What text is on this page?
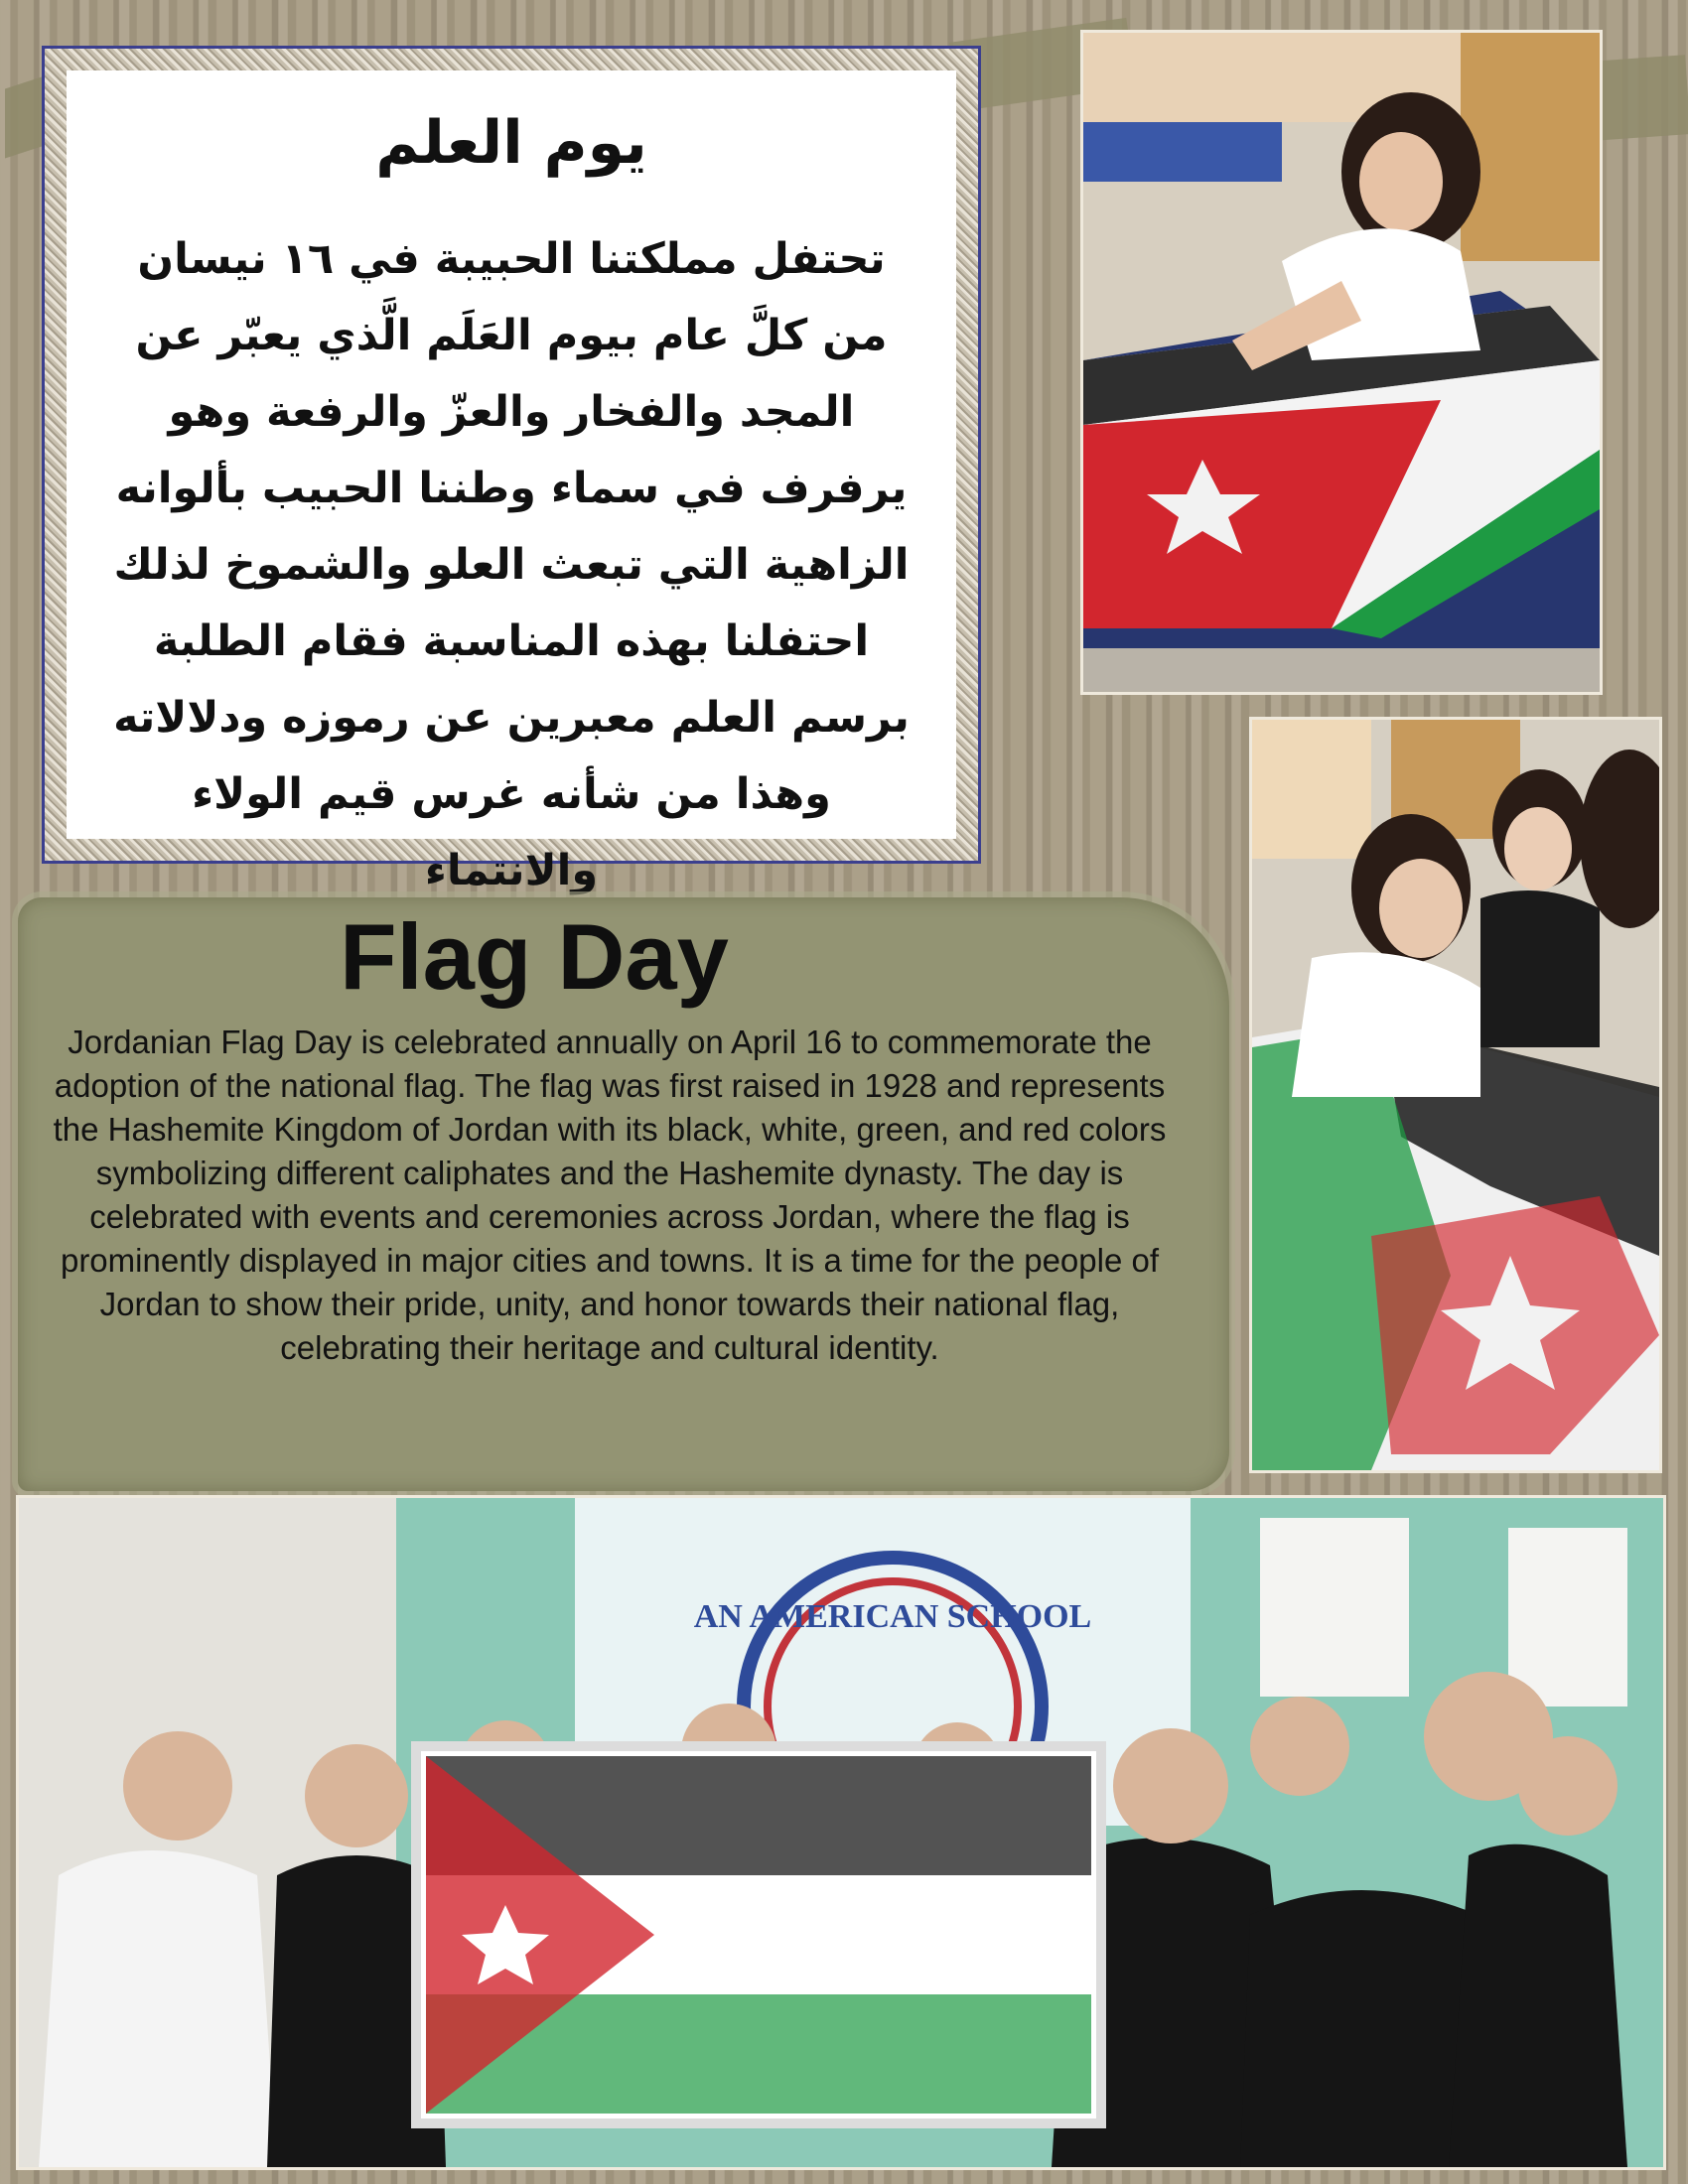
يوم العلم

تحتفل مملكتنا الحبيبة في ١٦ نيسان من كلَّ عام بيوم العَلَم الَّذي يعبّر عن المجد والفخار والعزّ والرفعة وهو يرفرف في سماء وطننا الحبيب بألوانه الزاهية التي تبعث العلو والشموخ لذلك احتفلنا بهذه المناسبة فقام الطلبة برسم العلم معبرين عن رموزه ودلالاته وهذا من شأنه غرس قيم الولاء والانتماء

Flag Day

Jordanian Flag Day is celebrated annually on April 16 to commemorate the adoption of the national flag. The flag was first raised in 1928 and represents the Hashemite Kingdom of Jordan with its black, white, green, and red colors symbolizing different caliphates and the Hashemite dynasty. The day is celebrated with events and ceremonies across Jordan, where the flag is prominently displayed in major cities and towns. It is a time for the people of Jordan to show their pride, unity, and honor towards their national flag, celebrating their heritage and cultural identity.

AN AMERICAN SCHOOL
